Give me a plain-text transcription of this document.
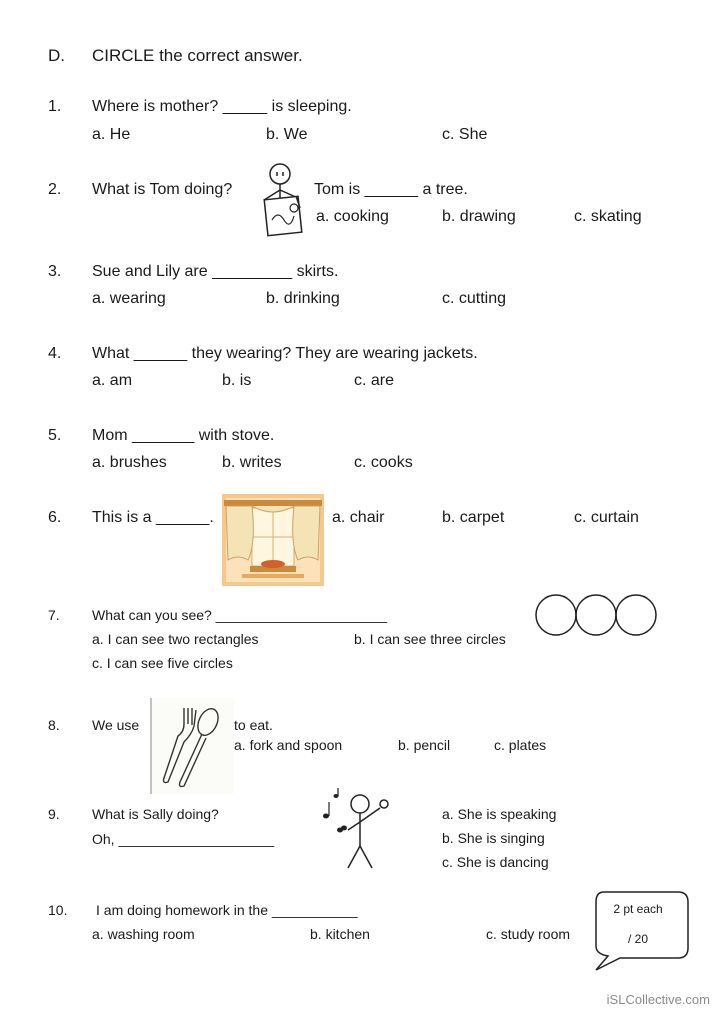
D. CIRCLE the correct answer.
1. Where is mother? _____ is sleeping.
a. He	b. We	c. She
2. What is Tom doing?	Tom is ______ a tree.
a. cooking	b. drawing	c. skating
3. Sue and Lily are _________ skirts.
a. wearing	b. drinking	c. cutting
4. What ______ they wearing? They are wearing jackets.
a. am	b. is	c. are
5. Mom _______ with stove.
a. brushes	b. writes	c. cooks
6. This is a ______.	a. chair	b. carpet	c. curtain
7. What can you see? ______________________
a. I can see two rectangles	b. I can see three circles
c. I can see five circles
8. We use	to eat.
a. fork and spoon	b. pencil	c. plates
9. What is Sally doing?
Oh, ____________________
a. She is speaking
b. She is singing
c. She is dancing
10. I am doing homework in the ___________
a. washing room	b. kitchen	c. study room
2 pt each
/ 20
iSLCollective.com
